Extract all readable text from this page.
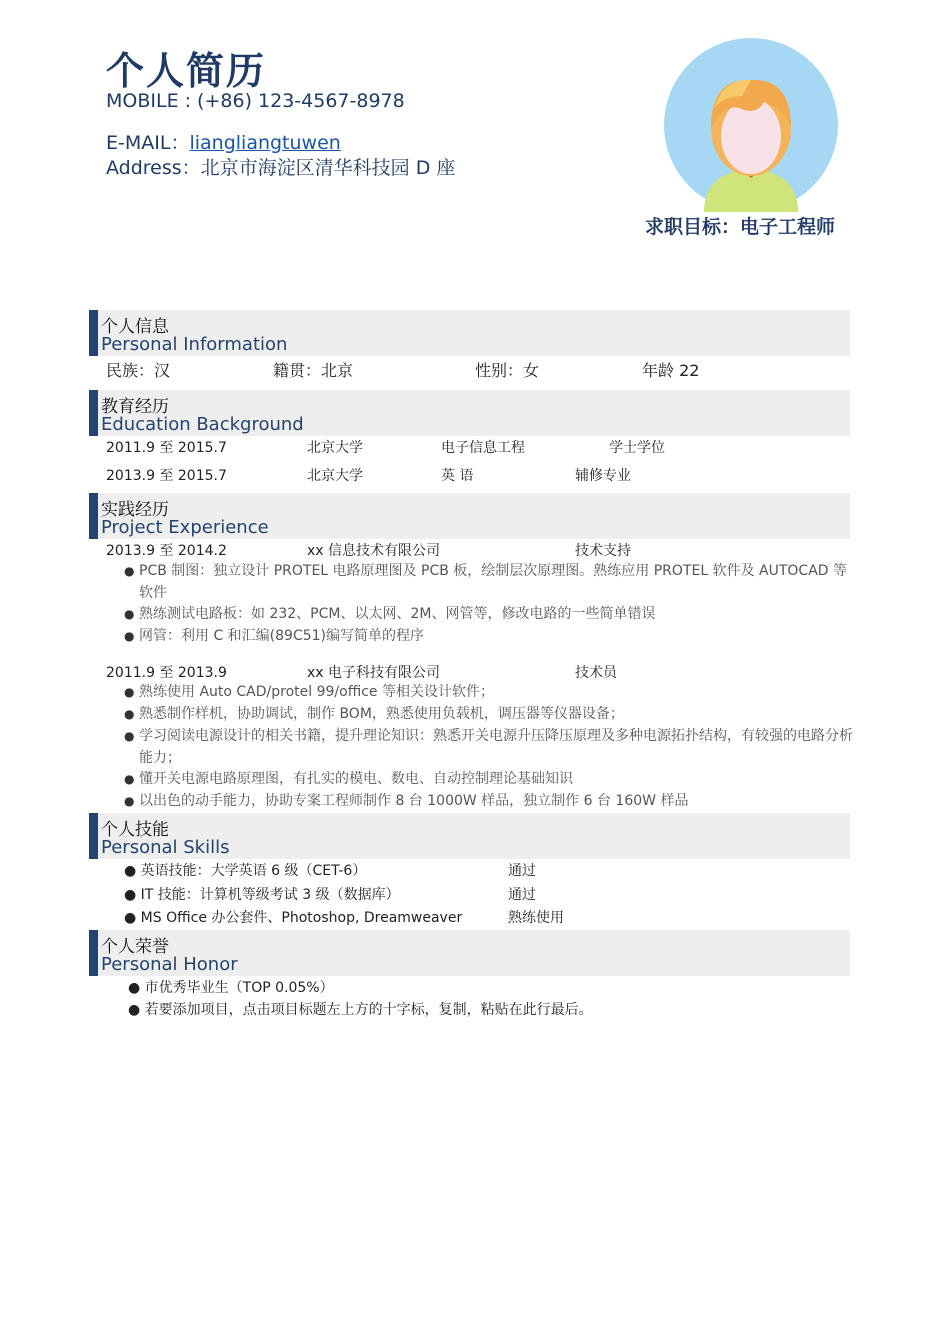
个人简历
MOBILE : (+86) 123-4567-8978
E-MAIL：liangliangtuwen
Address：北京市海淀区清华科技园 D 座
求职目标：电子工程师
个人信息
Personal Information
民族：汉	籍贯：北京	性别：女	年龄 22
教育经历
Education Background
2011.9 至 2015.7	北京大学	电子信息工程	学士学位
2013.9 至 2015.7	北京大学	英 语	辅修专业
实践经历
Project Experience
2013.9 至 2014.2	xx 信息技术有限公司	技术支持
● PCB 制图：独立设计 PROTEL 电路原理图及 PCB 板，绘制层次原理图。熟练应用 PROTEL 软件及 AUTOCAD 等软件
● 熟练测试电路板：如 232、PCM、以太网、2M、网管等，修改电路的一些简单错误
● 网管：利用 C 和汇编(89C51)编写简单的程序
2011.9 至 2013.9	xx 电子科技有限公司	技术员
● 熟练使用 Auto CAD/protel 99/office 等相关设计软件；
● 熟悉制作样机，协助调试，制作 BOM，熟悉使用负载机，调压器等仪器设备；
● 学习阅读电源设计的相关书籍，提升理论知识：熟悉开关电源升压降压原理及多种电源拓扑结构，有较强的电路分析能力；
● 懂开关电源电路原理图，有扎实的模电、数电、自动控制理论基础知识
● 以出色的动手能力，协助专案工程师制作 8 台 1000W 样品，独立制作 6 台 160W 样品
个人技能
Personal Skills
● 英语技能：大学英语 6 级（CET-6）	通过
● IT 技能：计算机等级考试 3 级（数据库）	通过
● MS Office 办公套件、Photoshop, Dreamweaver	熟练使用
个人荣誉
Personal Honor
● 市优秀毕业生（TOP 0.05%）
● 若要添加项目，点击项目标题左上方的十字标，复制，粘贴在此行最后。
